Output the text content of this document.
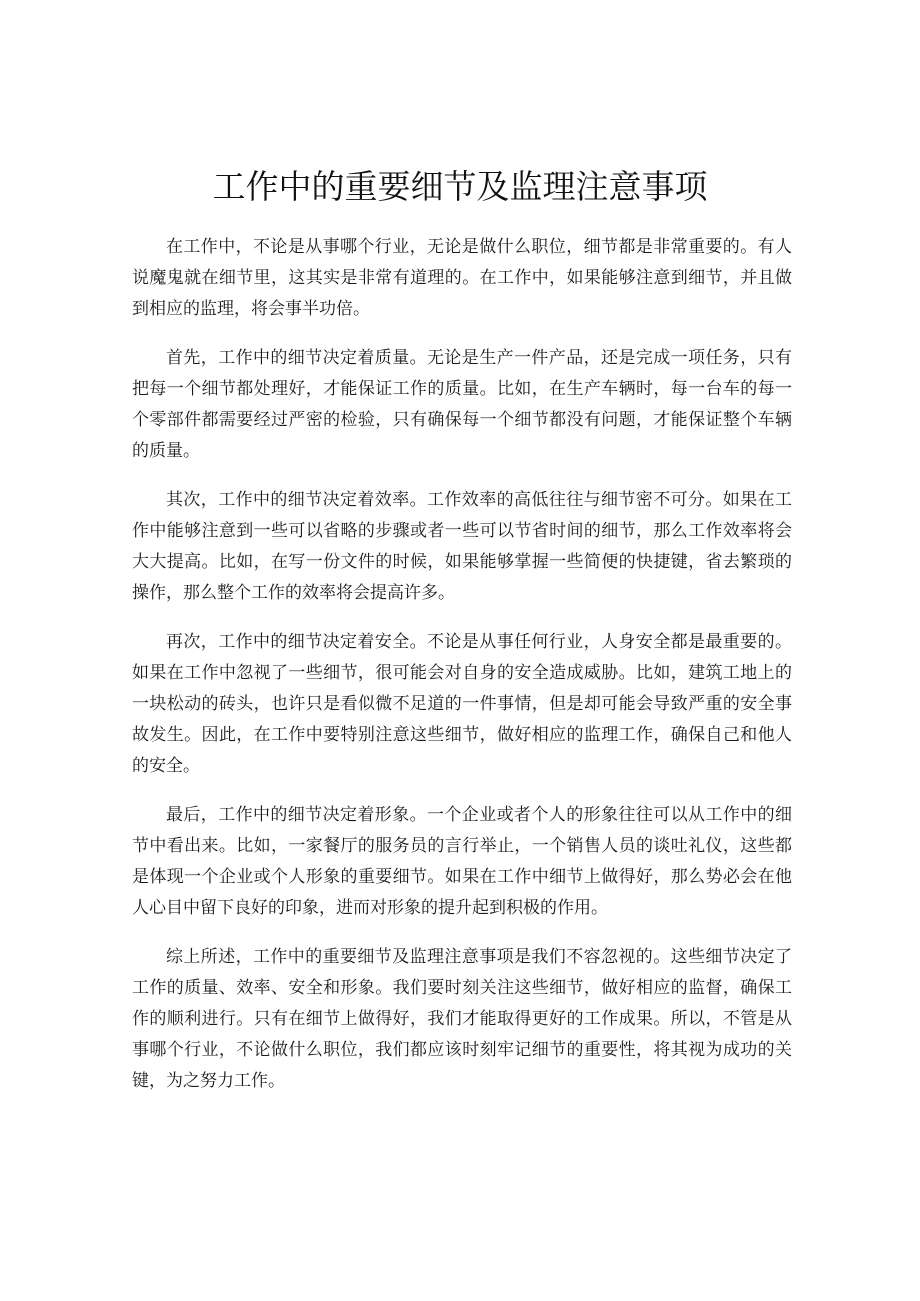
工作中的重要细节及监理注意事项

在工作中，不论是从事哪个行业，无论是做什么职位，细节都是非常重要的。有人说魔鬼就在细节里，这其实是非常有道理的。在工作中，如果能够注意到细节，并且做到相应的监理，将会事半功倍。

首先，工作中的细节决定着质量。无论是生产一件产品，还是完成一项任务，只有把每一个细节都处理好，才能保证工作的质量。比如，在生产车辆时，每一台车的每一个零部件都需要经过严密的检验，只有确保每一个细节都没有问题，才能保证整个车辆的质量。

其次，工作中的细节决定着效率。工作效率的高低往往与细节密不可分。如果在工作中能够注意到一些可以省略的步骤或者一些可以节省时间的细节，那么工作效率将会大大提高。比如，在写一份文件的时候，如果能够掌握一些简便的快捷键，省去繁琐的操作，那么整个工作的效率将会提高许多。

再次，工作中的细节决定着安全。不论是从事任何行业，人身安全都是最重要的。如果在工作中忽视了一些细节，很可能会对自身的安全造成威胁。比如，建筑工地上的一块松动的砖头，也许只是看似微不足道的一件事情，但是却可能会导致严重的安全事故发生。因此，在工作中要特别注意这些细节，做好相应的监理工作，确保自己和他人的安全。

最后，工作中的细节决定着形象。一个企业或者个人的形象往往可以从工作中的细节中看出来。比如，一家餐厅的服务员的言行举止，一个销售人员的谈吐礼仪，这些都是体现一个企业或个人形象的重要细节。如果在工作中细节上做得好，那么势必会在他人心目中留下良好的印象，进而对形象的提升起到积极的作用。

综上所述，工作中的重要细节及监理注意事项是我们不容忽视的。这些细节决定了工作的质量、效率、安全和形象。我们要时刻关注这些细节，做好相应的监督，确保工作的顺利进行。只有在细节上做得好，我们才能取得更好的工作成果。所以，不管是从事哪个行业，不论做什么职位，我们都应该时刻牢记细节的重要性，将其视为成功的关键，为之努力工作。
